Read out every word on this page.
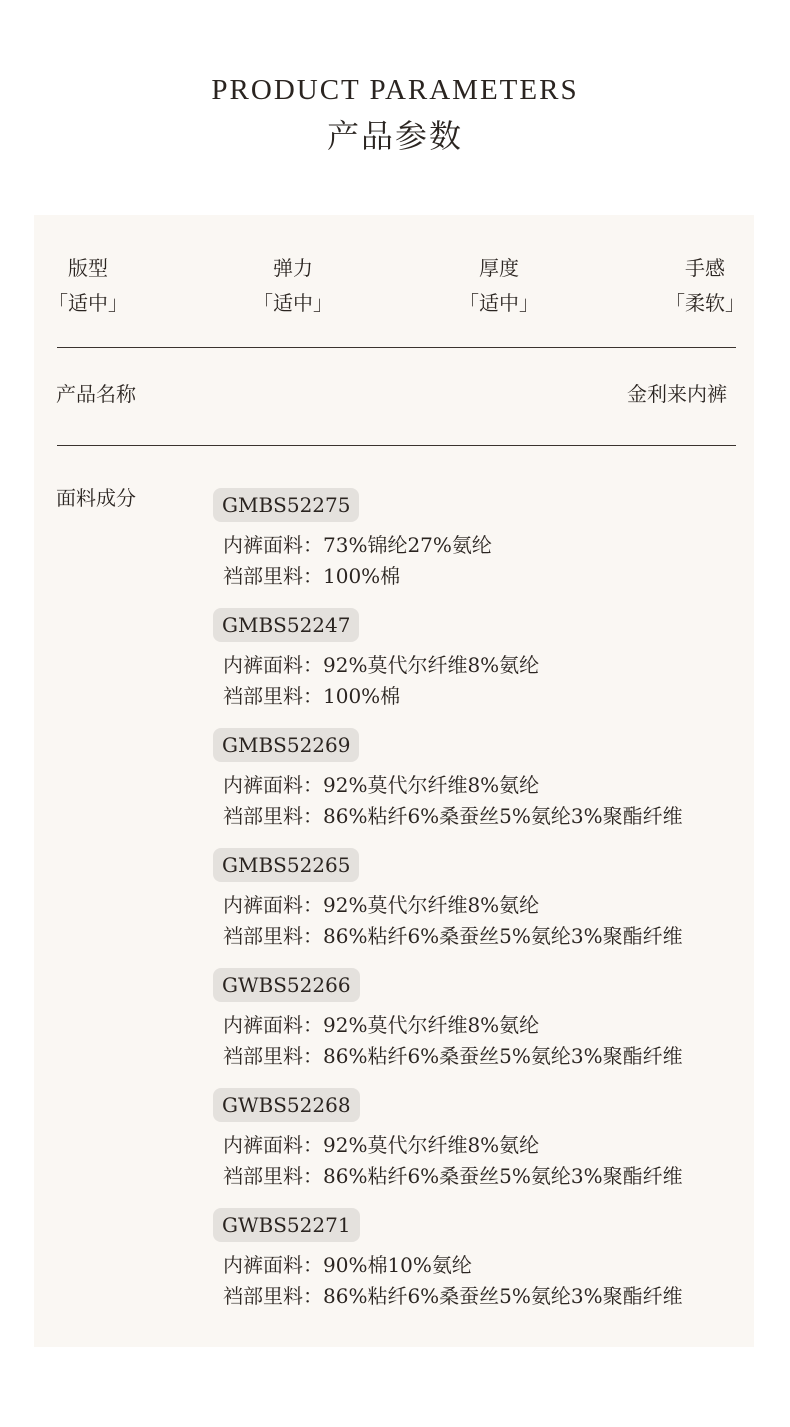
PRODUCT PARAMETERS
产品参数
版型
「适中」
弹力
「适中」
厚度
「适中」
手感
「柔软」
产品名称	金利来内裤
面料成分	GMBS52275
内裤面料：73%锦纶27%氨纶
裆部里料：100%棉
GMBS52247
内裤面料：92%莫代尔纤维8%氨纶
裆部里料：100%棉
GMBS52269
内裤面料：92%莫代尔纤维8%氨纶
裆部里料：86%粘纤6%桑蚕丝5%氨纶3%聚酯纤维
GMBS52265
内裤面料：92%莫代尔纤维8%氨纶
裆部里料：86%粘纤6%桑蚕丝5%氨纶3%聚酯纤维
GWBS52266
内裤面料：92%莫代尔纤维8%氨纶
裆部里料：86%粘纤6%桑蚕丝5%氨纶3%聚酯纤维
GWBS52268
内裤面料：92%莫代尔纤维8%氨纶
裆部里料：86%粘纤6%桑蚕丝5%氨纶3%聚酯纤维
GWBS52271
内裤面料：90%棉10%氨纶
裆部里料：86%粘纤6%桑蚕丝5%氨纶3%聚酯纤维
